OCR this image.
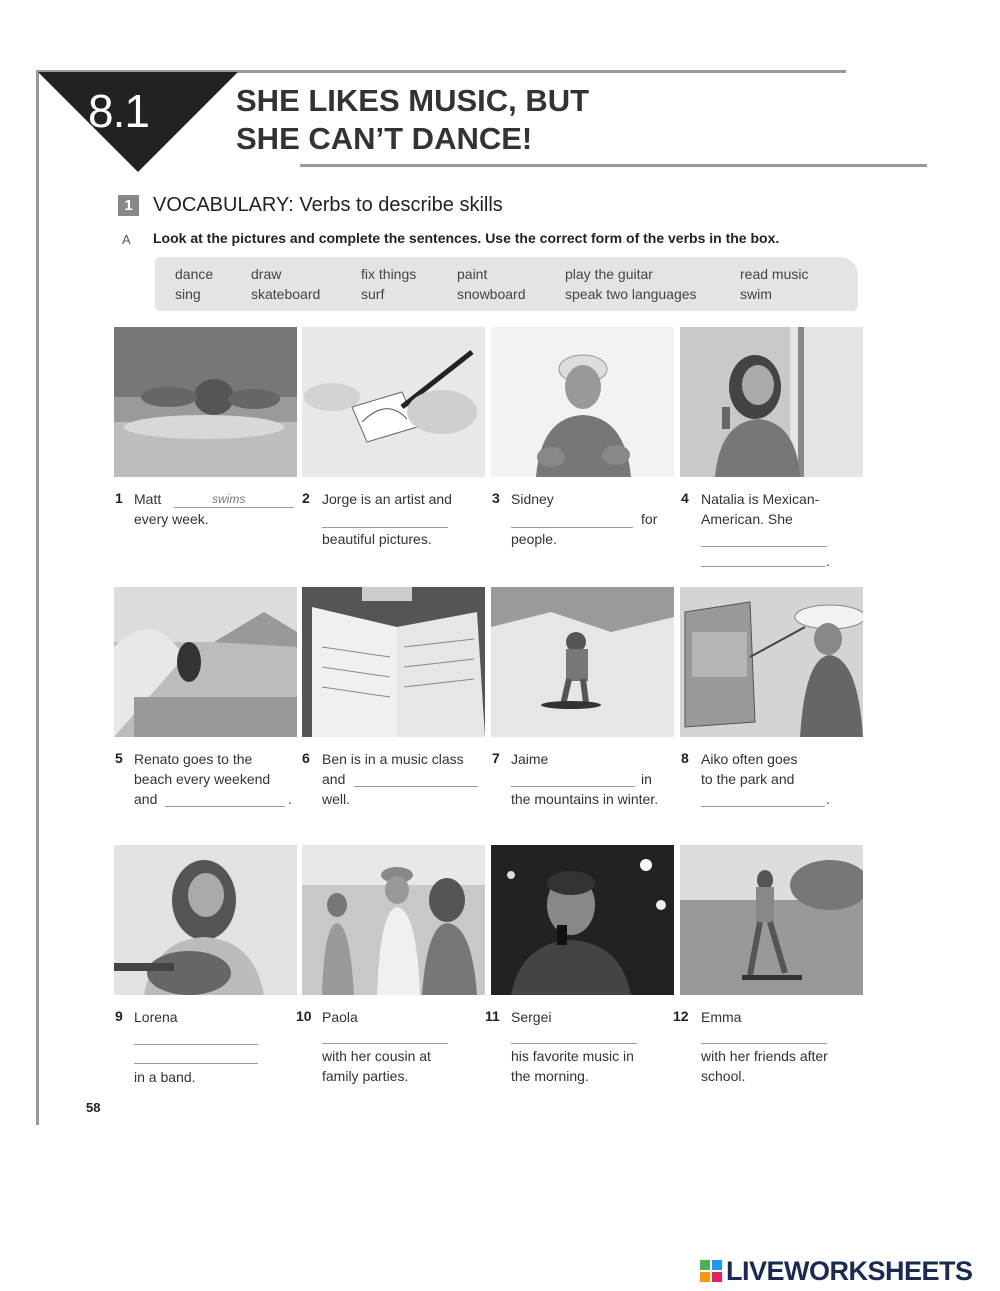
8.1	SHE LIKES MUSIC, BUT
SHE CAN’T DANCE!
1	VOCABULARY: Verbs to describe skills
A Look at the pictures and complete the sentences. Use the correct form of the verbs in the box.
dance	draw	fix things	paint	play the guitar	read music
sing	skateboard	surf	snowboard	speak two languages	swim
1 Matt	swims
every week.
2 Jorge is an artist and
beautiful pictures.
3 Sidney
for
people.
4 Natalia is Mexican-
American. She
.
5 Renato goes to the
beach every weekend
and	.
6 Ben is in a music class
and
well.
7 Jaime
in
the mountains in winter.
8 Aiko often goes
to the park and
.
9 Lorena
in a band.
10 Paola
with her cousin at
family parties.
11 Sergei
his favorite music in
the morning.
12 Emma
with her friends after
school.
58
LIVEWORKSHEETS
